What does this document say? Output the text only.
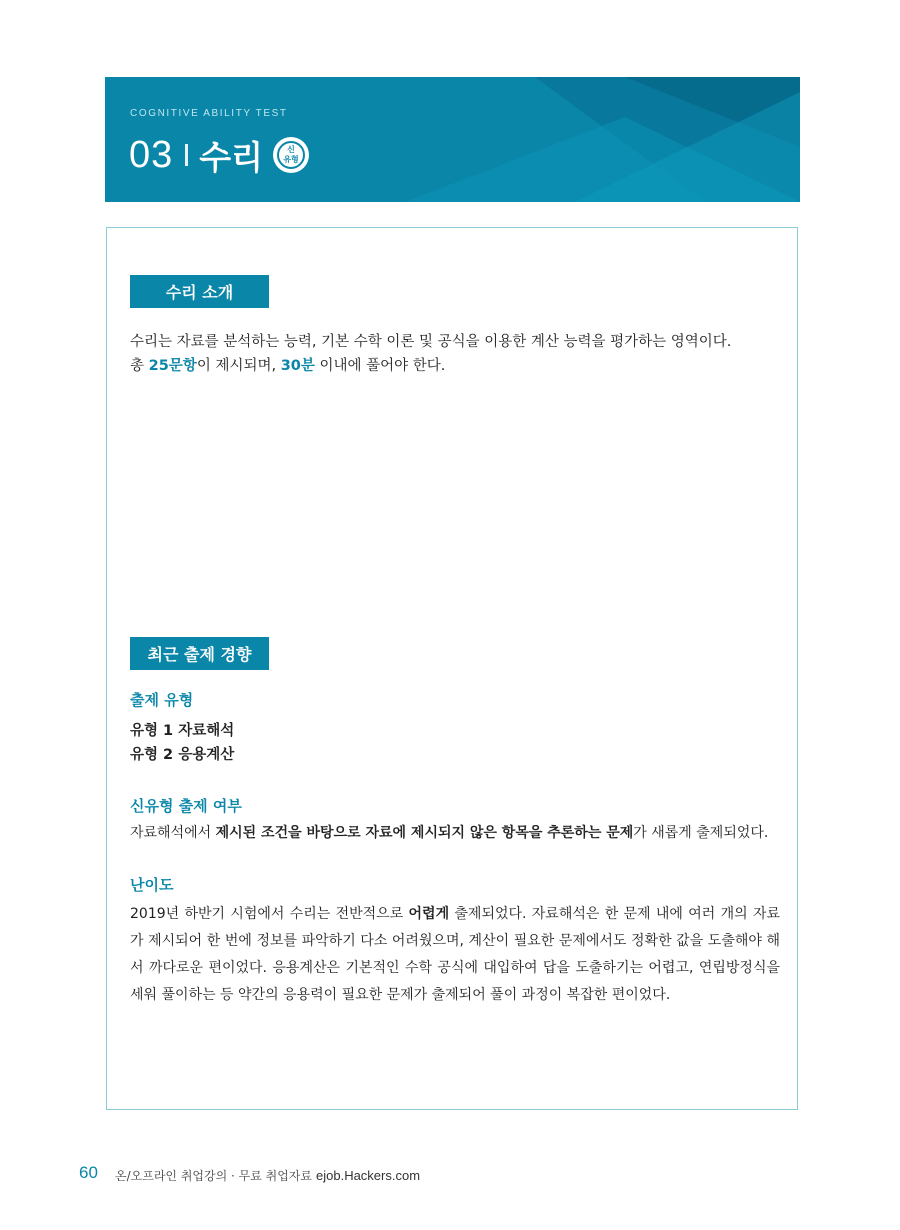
COGNITIVE ABILITY TEST
03 수리	신
유형
수리 소개
수리는 자료를 분석하는 능력, 기본 수학 이론 및 공식을 이용한 계산 능력을 평가하는 영역이다.
총 25문항이 제시되며, 30분 이내에 풀어야 한다.
최근 출제 경향
출제 유형
유형 1 자료해석
유형 2 응용계산
신유형 출제 여부
자료해석에서 제시된 조건을 바탕으로 자료에 제시되지 않은 항목을 추론하는 문제가 새롭게 출제되었다.
난이도
2019년 하반기 시험에서 수리는 전반적으로 어렵게 출제되었다. 자료해석은 한 문제 내에 여러 개의 자료가 제시되어 한 번에 정보를 파악하기 다소 어려웠으며, 계산이 필요한 문제에서도 정확한 값을 도출해야 해서 까다로운 편이었다. 응용계산은 기본적인 수학 공식에 대입하여 답을 도출하기는 어렵고, 연립방정식을 세워 풀이하는 등 약간의 응용력이 필요한 문제가 출제되어 풀이 과정이 복잡한 편이었다.
60 온/오프라인 취업강의 · 무료 취업자료 ejob.Hackers.com
